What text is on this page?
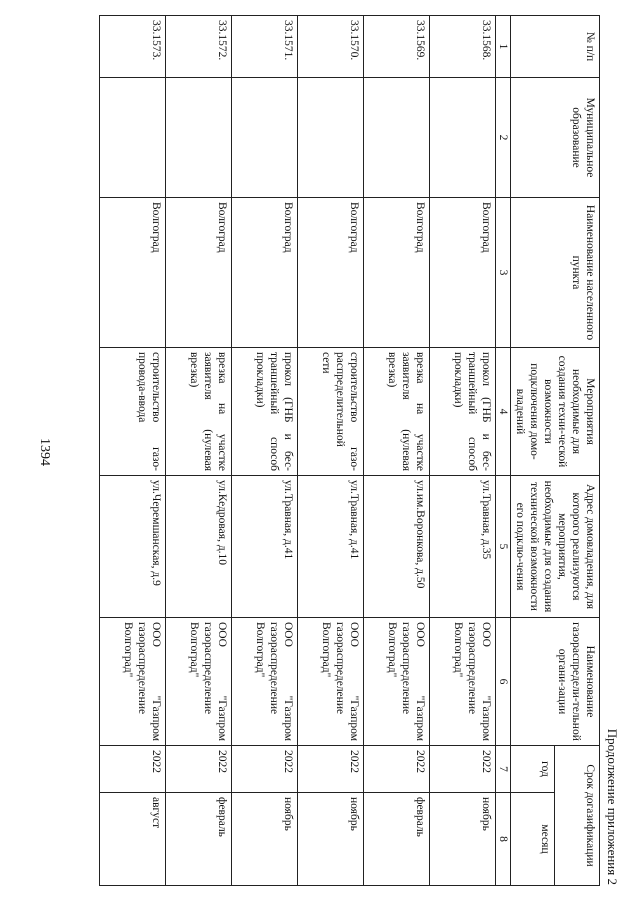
1394
Продолжение приложения 2
№ п/п	Муниципальное образование	Наименование населенного пункта	Мероприятия необходимые для создания техни-ческой возможности подключения домо-владений	Адрес домовладения, для которого реализуются мероприятия, необходимые для создания технической возможности его подклю-чения	Наименование газораспредели-тельной органи-зации	Срок догазификации	
						год	месяц
1	2	3	4	5	6	7	8
33.1568.		Волгоград	прокол (ГНБ и бес-траншейный способ прокладки)	ул.Травная, д.35	ООО "Газпром газораспределение Волгоград"	2022	ноябрь
33.1569.		Волгоград	врезка на участке заявителя (нулевая врезка)	ул.им.Воронкова, д.50	ООО "Газпром газораспределение Волгоград"	2022	февраль
33.1570.		Волгоград	строительство газо-распределительной сети	ул.Травная, д.41	ООО "Газпром газораспределение Волгоград"	2022	ноябрь
33.1571.		Волгоград	прокол (ГНБ и бес-траншейный способ прокладки)	ул.Травная, д.41	ООО "Газпром газораспределение Волгоград"	2022	ноябрь
33.1572.		Волгоград	врезка на участке заявителя (нулевая врезка)	ул.Кедровая, д.10	ООО "Газпром газораспределение Волгоград"	2022	февраль
33.1573.		Волгоград	строительство газо-провода-ввода	ул.Черемшанская, д.9	ООО "Газпром газораспределение Волгоград"	2022	август
